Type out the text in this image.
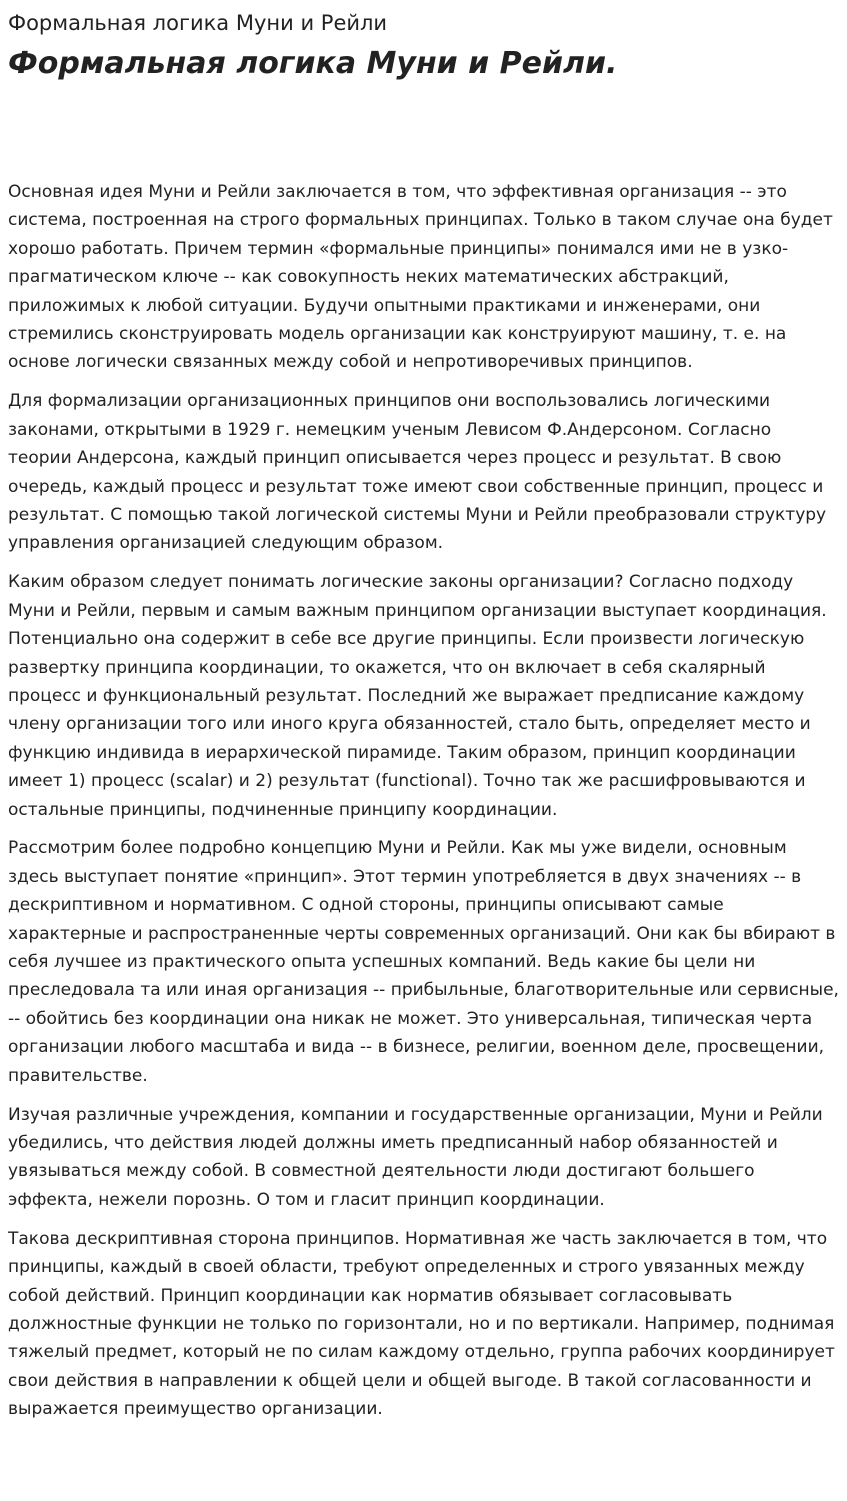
Формальная логика Муни и Рейли
Формальная логика Муни и Рейли.

Основная идея Муни и Рейли заключается в том, что эффективная организация -- это система, построенная на строго формальных принципах. Только в таком случае она будет хорошо работать. Причем термин «формальные принципы» понимался ими не в узко-прагматическом ключе -- как совокупность неких математических абстракций, приложимых к любой ситуации. Будучи опытными практиками и инженерами, они стремились сконструировать модель организации как конструируют машину, т. е. на основе логически связанных между собой и непротиворечивых принципов.

Для формализации организационных принципов они воспользовались логическими законами, открытыми в 1929 г. немецким ученым Левисом Ф.Андерсоном. Согласно теории Андерсона, каждый принцип описывается через процесс и результат. В свою очередь, каждый процесс и результат тоже имеют свои собственные принцип, процесс и результат. С помощью такой логической системы Муни и Рейли преобразовали структуру управления организацией следующим образом.

Каким образом следует понимать логические законы организации? Согласно подходу Муни и Рейли, первым и самым важным принципом организации выступает координация. Потенциально она содержит в себе все другие принципы. Если произвести логическую развертку принципа координации, то окажется, что он включает в себя скалярный процесс и функциональный результат. Последний же выражает предписание каждому члену организации того или иного круга обязанностей, стало быть, определяет место и функцию индивида в иерархической пирамиде. Таким образом, принцип координации имеет 1) процесс (scalar) и 2) результат (functional). Точно так же расшифровываются и остальные принципы, подчиненные принципу координации.

Рассмотрим более подробно концепцию Муни и Рейли. Как мы уже видели, основным здесь выступает понятие «принцип». Этот термин употребляется в двух значениях -- в дескриптивном и нормативном. С одной стороны, принципы описывают самые характерные и распространенные черты современных организаций. Они как бы вбирают в себя лучшее из практического опыта успешных компаний. Ведь какие бы цели ни преследовала та или иная организация -- прибыльные, благотворительные или сервисные, -- обойтись без координации она никак не может. Это универсальная, типическая черта организации любого масштаба и вида -- в бизнесе, религии, военном деле, просвещении, правительстве.

Изучая различные учреждения, компании и государственные организации, Муни и Рейли убедились, что действия людей должны иметь предписанный набор обязанностей и увязываться между собой. В совместной деятельности люди достигают большего эффекта, нежели порознь. О том и гласит принцип координации.

Такова дескриптивная сторона принципов. Нормативная же часть заключается в том, что принципы, каждый в своей области, требуют определенных и строго увязанных между собой действий. Принцип координации как норматив обязывает согласовывать должностные функции не только по горизонтали, но и по вертикали. Например, поднимая тяжелый предмет, который не по силам каждому отдельно, группа рабочих координирует свои действия в направлении к общей цели и общей выгоде. В такой согласованности и выражается преимущество организации.
